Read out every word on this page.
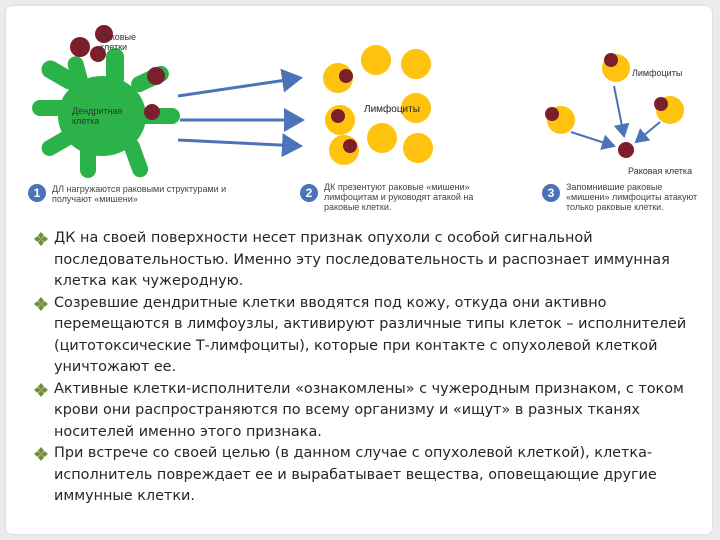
Раковые
клетки
Дендритная
клетка
Лимфоциты
Лимфоциты
Раковая клетка
1	ДЛ нагружаются раковыми структурами и
получают «мишени»	2	ДК презентуют раковые «мишени»
лимфоцитам и руководят атакой на
раковые клетки.
3	Запомнившие раковые
«мишени» лимфоциты атакуют
только раковые клетки.
ДК на своей поверхности несет признак опухоли с особой сигнальной последовательностью. Именно эту последовательность и распознает иммунная клетка как чужеродную.
Созревшие дендритные клетки вводятся под кожу, откуда они активно перемещаются в лимфоузлы, активируют различные типы клеток – исполнителей (цитотоксические Т-лимфоциты), которые при контакте с опухолевой клеткой уничтожают ее.
Активные клетки-исполнители «ознакомлены» с чужеродным признаком, с током крови они распространяются по всему организму и «ищут» в разных тканях носителей именно этого признака.
При встрече со своей целью (в данном случае с опухолевой клеткой), клетка-исполнитель повреждает ее и вырабатывает вещества, оповещающие другие иммунные клетки.
